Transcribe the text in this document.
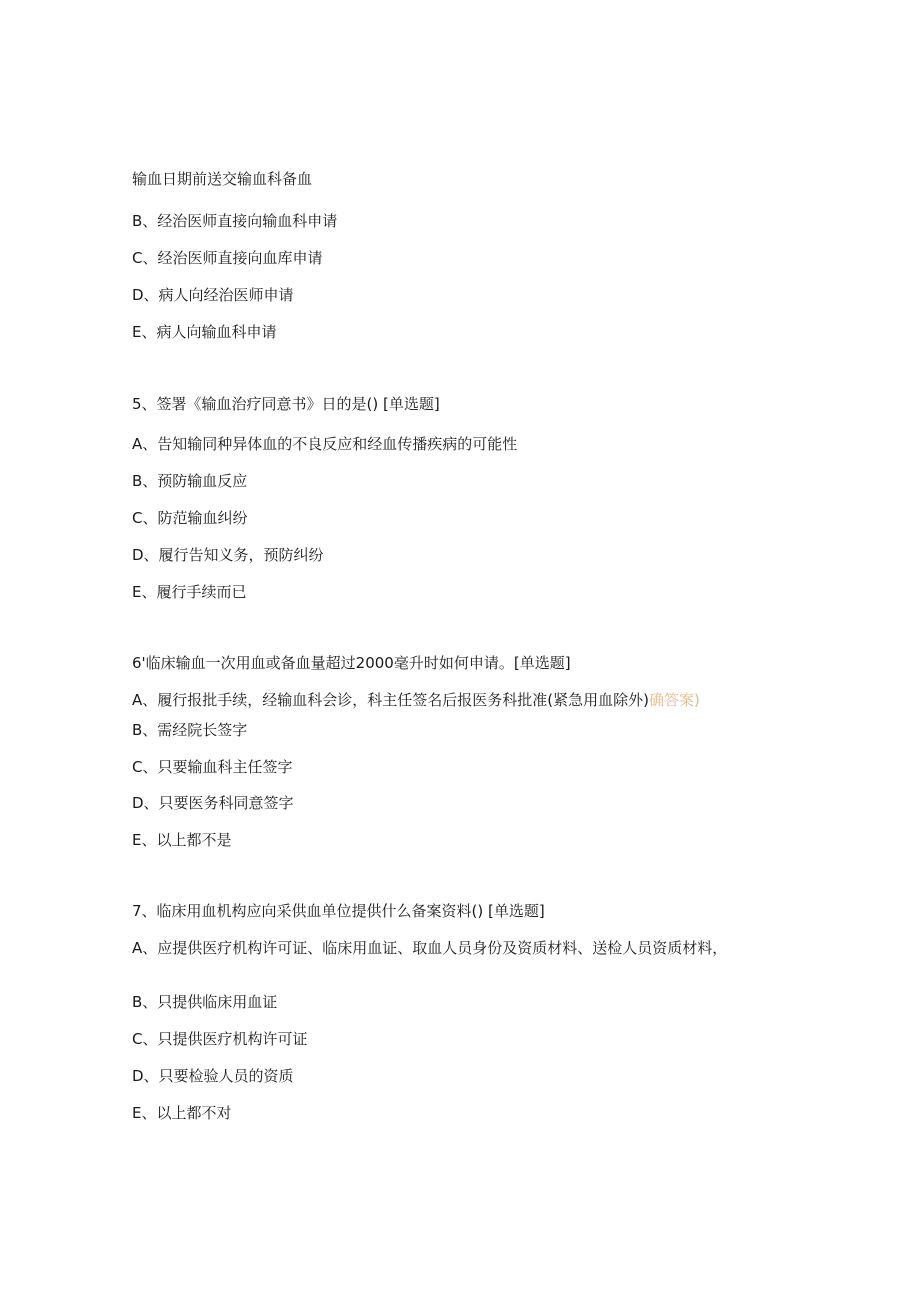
输血日期前送交输血科备血
B、经治医师直接向输血科申请
C、经治医师直接向血库申请
D、病人向经治医师申请
E、病人向输血科申请
5、签署《输血治疗同意书》日的是() [单选题]
A、告知输同种异体血的不良反应和经血传播疾病的可能性
B、预防输血反应
C、防范输血纠纷
D、履行告知义务，预防纠纷
E、履行手续而已
6'临床输血一次用血或备血量超过2000毫升时如何申请。[单选题]
A、履行报批手续，经输血科会诊，科主任签名后报医务科批准(紧急用血除外)确答案)
B、需经院长签字
C、只要输血科主任签字
D、只要医务科同意签字
E、以上都不是
7、临床用血机构应向采供血单位提供什么备案资料() [单选题]
A、应提供医疗机构许可证、临床用血证、取血人员身份及资质材料、送检人员资质材料，
B、只提供临床用血证
C、只提供医疗机构许可证
D、只要检验人员的资质
E、以上都不对
